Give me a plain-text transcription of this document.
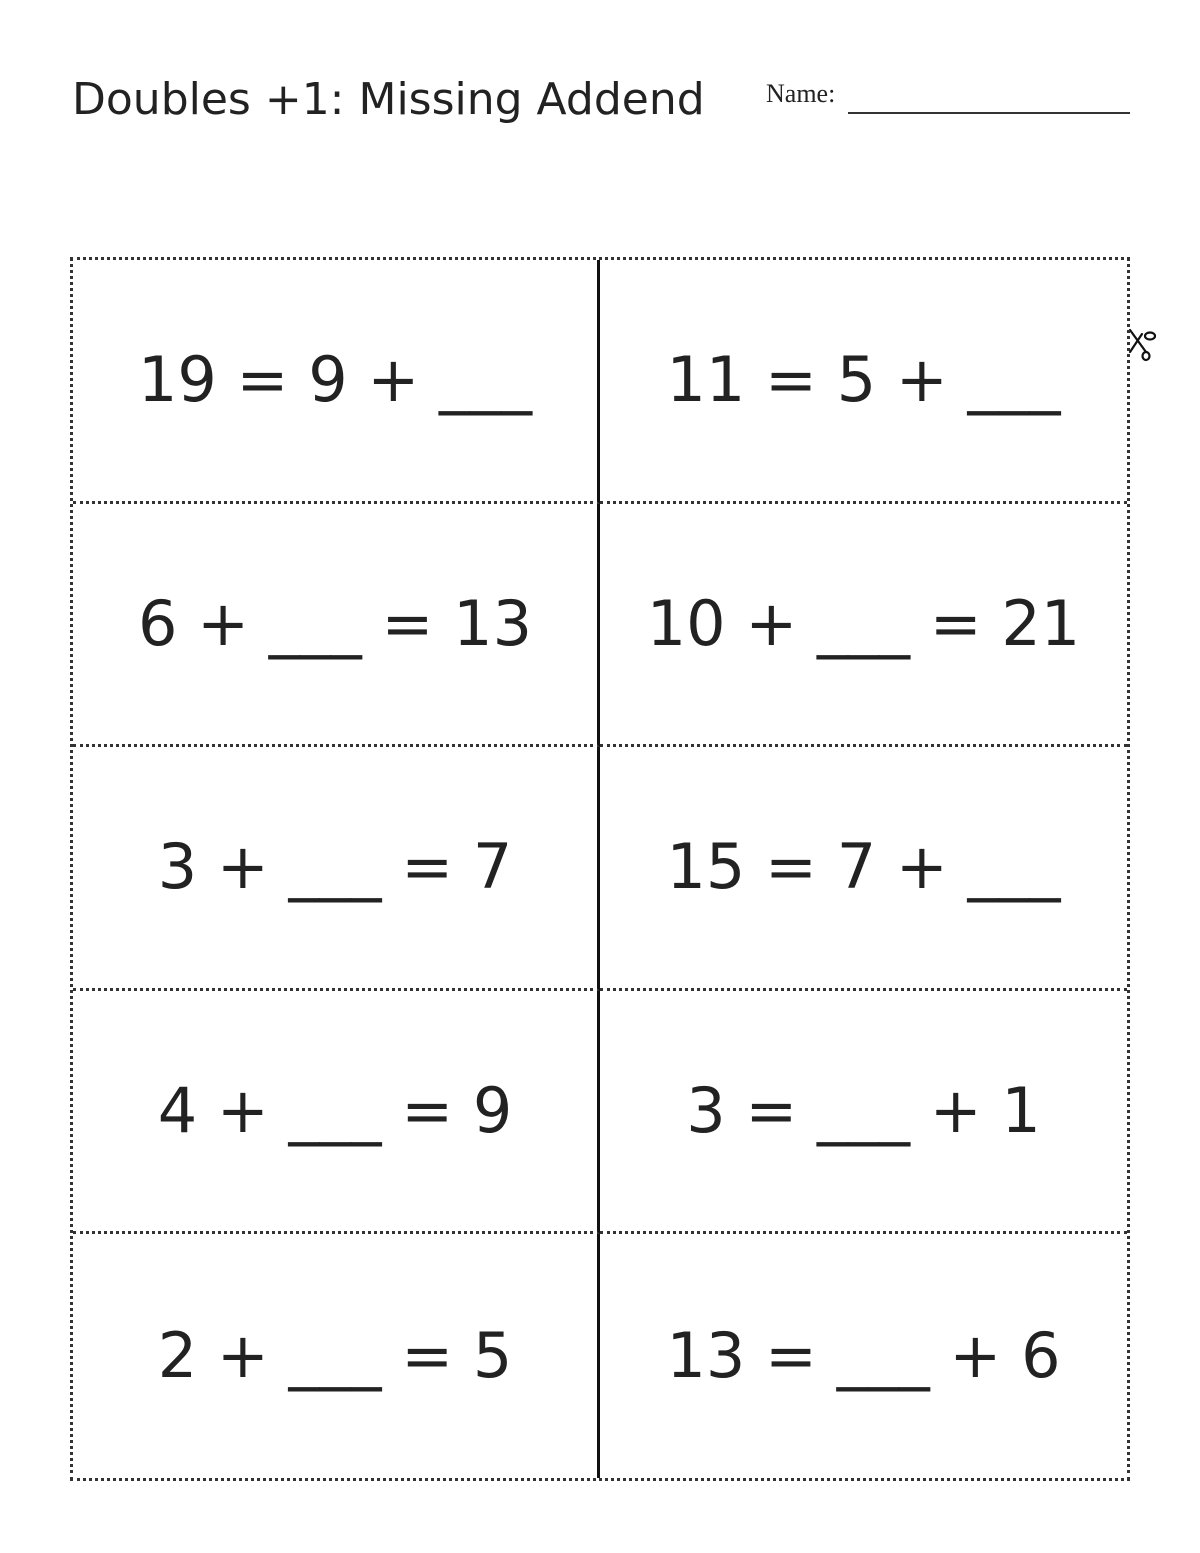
Doubles +1: Missing Addend Name:
19 = 9 + ___ 11 = 5 + ___
6 + ___ = 13 10 + ___ = 21
3 + ___ = 7 15 = 7 + ___
4 + ___ = 9	3 = ___ + 1
2 + ___ = 5 13 = ___ + 6
